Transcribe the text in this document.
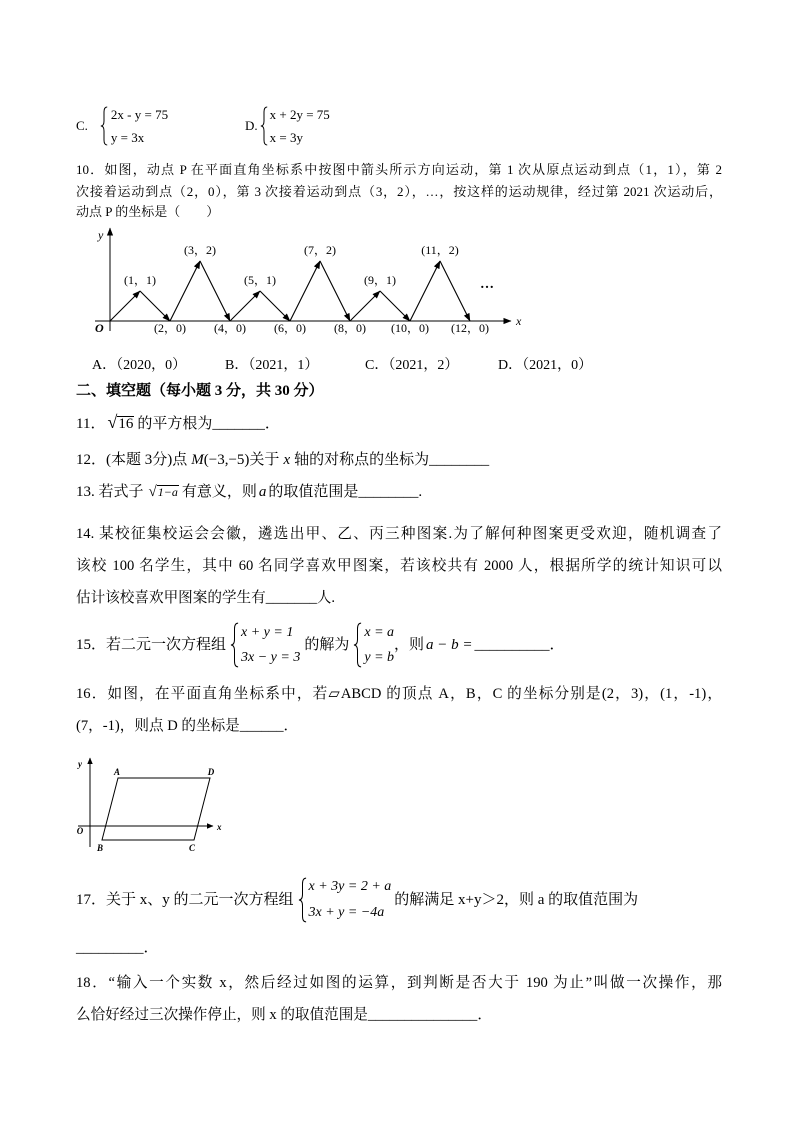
C.
2x - y = 75
y = 3x
D.
x + 2y = 75
x = 3y
10．如图，动点 P 在平面直角坐标系中按图中箭头所示方向运动，第 1 次从原点运动到点（1，1），第 2
次接着运动到点（2，0），第 3 次接着运动到点（3，2），…，按这样的运动规律，经过第 2021 次运动后，
动点 P 的坐标是（　　）
x
y
O
…
(1，1)
(2，0)
(3，2)
(4，0)
(5，1)
(6，0)
(7，2)
(8，0)
(9，1)
(10，0)
(11，2)
(12，0)
A．（2020，0）	B．（2021，1）	C．（2021，2）	D．（2021，0）
二、填空题（每小题 3 分，共 30 分）
11． √16 的平方根为_______．
12．(本题 3分)点 M(−3,−5)关于 x 轴的对称点的坐标为________
13. 若式子 √1−a 有意义，则 a 的取值范围是________.
14. 某校征集校运会会徽，遴选出甲、乙、丙三种图案.为了解何种图案更受欢迎，随机调查了
该校 100 名学生，其中 60 名同学喜欢甲图案，若该校共有 2000 人，根据所学的统计知识可以
估计该校喜欢甲图案的学生有_______人.
15．若二元一次方程组
x + y = 1
3x − y = 3
的解为
x = a
y = b
，则 a − b = __________ ．
16．如图，在平面直角坐标系中，若▱ABCD 的顶点 A，B，C 的坐标分别是(2，3)，(1，-1)，
(7，-1)，则点 D 的坐标是______．
A	D
B	C
O	x
y
17．关于 x、y 的二元一次方程组
x + 3y = 2 + a
3x + y = −4a
的解满足 x+y＞2，则 a 的取值范围为
_________．
18．“输入一个实数 x，然后经过如图的运算，到判断是否大于 190 为止”叫做一次操作，那
么恰好经过三次操作停止，则 x 的取值范围是_______________．
